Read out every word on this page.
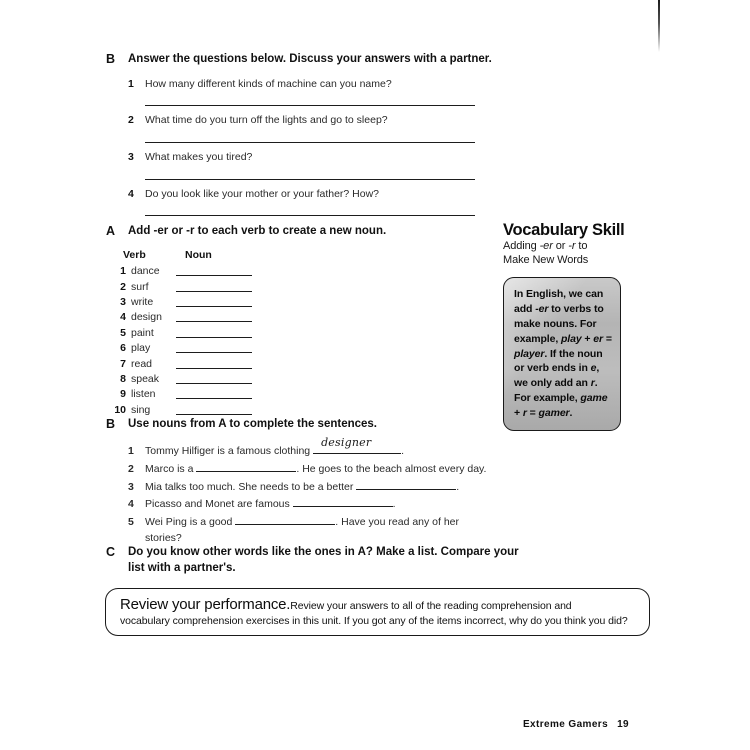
B	Answer the questions below. Discuss your answers with a partner.
1	How many different kinds of machine can you name?
2	What time do you turn off the lights and go to sleep?
3	What makes you tired?
4	Do you look like your mother or your father? How?
A	Add -er or -r to each verb to create a new noun.
Verb	Noun
1 dance
2 surf
3 write
4 design
5 paint
6 play
7 read
8 speak
9 listen
10 sing
Vocabulary Skill
Adding -er or -r to
Make New Words

In English, we can add -er to verbs to make nouns. For example, play + er = player. If the noun or verb ends in e, we only add an r. For example, game + r = gamer.

B	Use nouns from A to complete the sentences.
1	Tommy Hilfiger is a famous clothing
designer
.
2	Marco is a	. He goes to the beach almost every day.
3	Mia talks too much. She needs to be a better	.
4	Picasso and Monet are famous	.
5	Wei Ping is a good	. Have you read any of her
stories?
C	Do you know other words like the ones in A? Make a list. Compare your
list with a partner's.
Review your performance.Review your answers to all of the reading comprehension and
vocabulary comprehension exercises in this unit. If you got any of the items incorrect, why do you think you did?
Extreme Gamers 19
